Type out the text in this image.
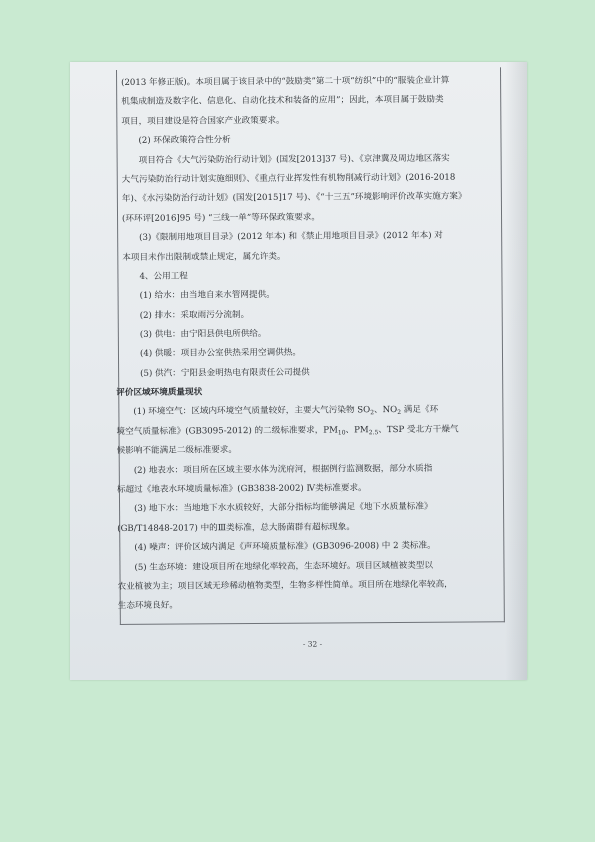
(2013 年修正版)。本项目属于该目录中的“鼓励类”第二十项“纺织”中的“服装企业计算
机集成制造及数字化、信息化、自动化技术和装备的应用”；因此，本项目属于鼓励类
项目，项目建设是符合国家产业政策要求。
(2) 环保政策符合性分析
项目符合《大气污染防治行动计划》(国发[2013]37 号)、《京津冀及周边地区落实
大气污染防治行动计划实施细则》、《重点行业挥发性有机物削减行动计划》(2016-2018
年)、《水污染防治行动计划》(国发[2015]17 号)、《“十三五”环境影响评价改革实施方案》
(环环评[2016]95 号) “三线一单”等环保政策要求。
(3)《限制用地项目目录》(2012 年本) 和《禁止用地项目目录》(2012 年本) 对
本项目未作出限制或禁止规定，属允许类。
4、公用工程
(1) 给水：由当地自来水管网提供。
(2) 排水：采取雨污分流制。
(3) 供电：由宁阳县供电所供给。
(4) 供暖：项目办公室供热采用空调供热。
(5) 供汽：宁阳县金明热电有限责任公司提供
评价区域环境质量现状
(1) 环境空气：区域内环境空气质量较好，主要大气污染物 $SO_2$、$NO_2$ 满足《环
境空气质量标准》(GB3095-2012) 的二级标准要求，$PM_{10}$、$PM_{2.5}$、TSP 受北方干燥气
候影响不能满足二级标准要求。
(2) 地表水：项目所在区域主要水体为洸府河，根据例行监测数据，部分水质指
标超过《地表水环境质量标准》(GB3838-2002) Ⅳ类标准要求。
(3) 地下水：当地地下水水质较好，大部分指标均能够满足《地下水质量标准》
(GB/T14848-2017) 中的Ⅲ类标准，总大肠菌群有超标现象。
(4) 噪声：评价区域内满足《声环境质量标准》(GB3096-2008) 中 2 类标准。
(5) 生态环境：建设项目所在地绿化率较高，生态环境好。项目区域植被类型以
农业植被为主；项目区域无珍稀动植物类型，生物多样性简单。项目所在地绿化率较高，
生态环境良好。
- 32 -
